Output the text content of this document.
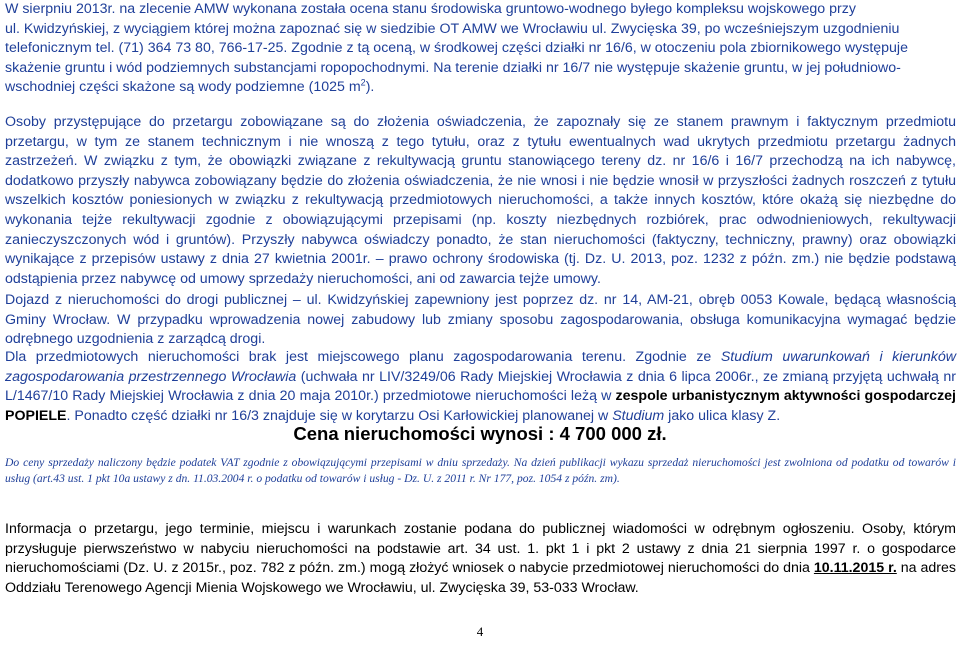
W sierpniu 2013r. na zlecenie AMW wykonana została ocena stanu środowiska gruntowo-wodnego byłego kompleksu wojskowego przy
ul. Kwidzyńskiej, z wyciągiem której można zapoznać się w siedzibie OT AMW we Wrocławiu ul. Zwycięska 39, po wcześniejszym uzgodnieniu
telefonicznym tel. (71) 364 73 80, 766-17-25. Zgodnie z tą oceną, w środkowej części działki nr 16/6, w otoczeniu pola zbiornikowego występuje
skażenie gruntu i wód podziemnych substancjami ropopochodnymi. Na terenie działki nr 16/7 nie występuje skażenie gruntu, w jej południowo-
wschodniej części skażone są wody podziemne (1025 $m^2$).

Osoby przystępujące do przetargu zobowiązane są do złożenia oświadczenia, że zapoznały się ze stanem prawnym i faktycznym przedmiotu przetargu, w tym ze stanem technicznym i nie wnoszą z tego tytułu, oraz z tytułu ewentualnych wad ukrytych przedmiotu przetargu żadnych zastrzeżeń. W związku z tym, że obowiązki związane z rekultywacją gruntu stanowiącego tereny dz. nr 16/6 i 16/7 przechodzą na ich nabywcę, dodatkowo przyszły nabywca zobowiązany będzie do złożenia oświadczenia, że nie wnosi i nie będzie wnosił w przyszłości żadnych roszczeń z tytułu wszelkich kosztów poniesionych w związku z rekultywacją przedmiotowych nieruchomości, a także innych kosztów, które okażą się niezbędne do wykonania tejże rekultywacji zgodnie z obowiązującymi przepisami (np. koszty niezbędnych rozbiórek, prac odwodnieniowych, rekultywacji zanieczyszczonych wód i gruntów). Przyszły nabywca oświadczy ponadto, że stan nieruchomości (faktyczny, techniczny, prawny) oraz obowiązki wynikające z przepisów ustawy z dnia 27 kwietnia 2001r. – prawo ochrony środowiska (tj. Dz. U. 2013, poz. 1232 z późn. zm.) nie będzie podstawą odstąpienia przez nabywcę od umowy sprzedaży nieruchomości, ani od zawarcia tejże umowy.

Dojazd z nieruchomości do drogi publicznej – ul. Kwidzyńskiej zapewniony jest poprzez dz. nr 14, AM-21, obręb 0053 Kowale, będącą własnością Gminy Wrocław. W przypadku wprowadzenia nowej zabudowy lub zmiany sposobu zagospodarowania, obsługa komunikacyjna wymagać będzie odrębnego uzgodnienia z zarządcą drogi.

Dla przedmiotowych nieruchomości brak jest miejscowego planu zagospodarowania terenu. Zgodnie ze Studium uwarunkowań i kierunków zagospodarowania przestrzennego Wrocławia (uchwała nr LIV/3249/06 Rady Miejskiej Wrocławia z dnia 6 lipca 2006r., ze zmianą przyjętą uchwałą nr L/1467/10 Rady Miejskiej Wrocławia z dnia 20 maja 2010r.) przedmiotowe nieruchomości leżą w zespole urbanistycznym aktywności gospodarczej POPIELE. Ponadto część działki nr 16/3 znajduje się w korytarzu Osi Karłowickiej planowanej w Studium jako ulica klasy Z.

Cena nieruchomości wynosi : 4 700 000 zł.

Do ceny sprzedaży naliczony będzie podatek VAT zgodnie z obowiązującymi przepisami w dniu sprzedaży. Na dzień publikacji wykazu sprzedaż nieruchomości jest zwolniona od podatku od towarów i usług (art.43 ust. 1 pkt 10a ustawy z dn. 11.03.2004 r. o podatku od towarów i usług - Dz. U. z 2011 r. Nr 177, poz. 1054 z późn. zm).

Informacja o przetargu, jego terminie, miejscu i warunkach zostanie podana do publicznej wiadomości w odrębnym ogłoszeniu. Osoby, którym przysługuje pierwszeństwo w nabyciu nieruchomości na podstawie art. 34 ust. 1. pkt 1 i pkt 2 ustawy z dnia 21 sierpnia 1997 r. o gospodarce nieruchomościami (Dz. U. z 2015r., poz. 782 z późn. zm.) mogą złożyć wniosek o nabycie przedmiotowej nieruchomości do dnia 10.11.2015 r. na adres Oddziału Terenowego Agencji Mienia Wojskowego we Wrocławiu, ul. Zwycięska 39, 53-033 Wrocław.

4
